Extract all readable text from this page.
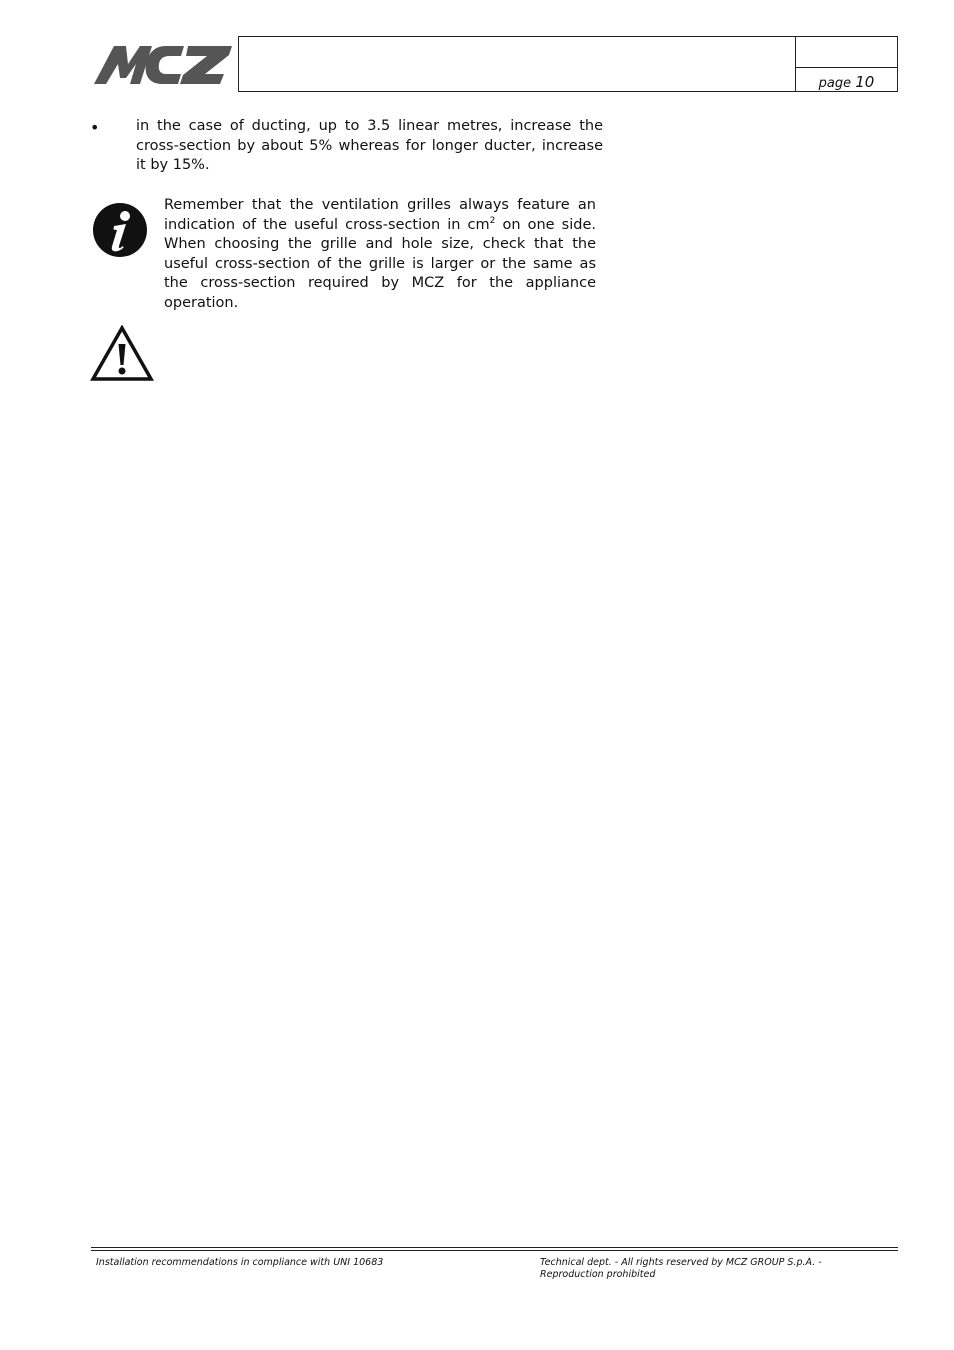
page 10
•	in the case of ducting, up to 3.5 linear metres, increase the cross-section by about 5% whereas for longer ducter, increase it by 15%.
Remember that the ventilation grilles always feature an indication of the useful cross-section in $cm^2$ on one side. When choosing the grille and hole size, check that the useful cross-section of the grille is larger or the same as the cross-section required by MCZ for the appliance operation.
Installation recommendations in compliance with UNI 10683	Technical dept. - All rights reserved by MCZ GROUP S.p.A. - Reproduction prohibited
